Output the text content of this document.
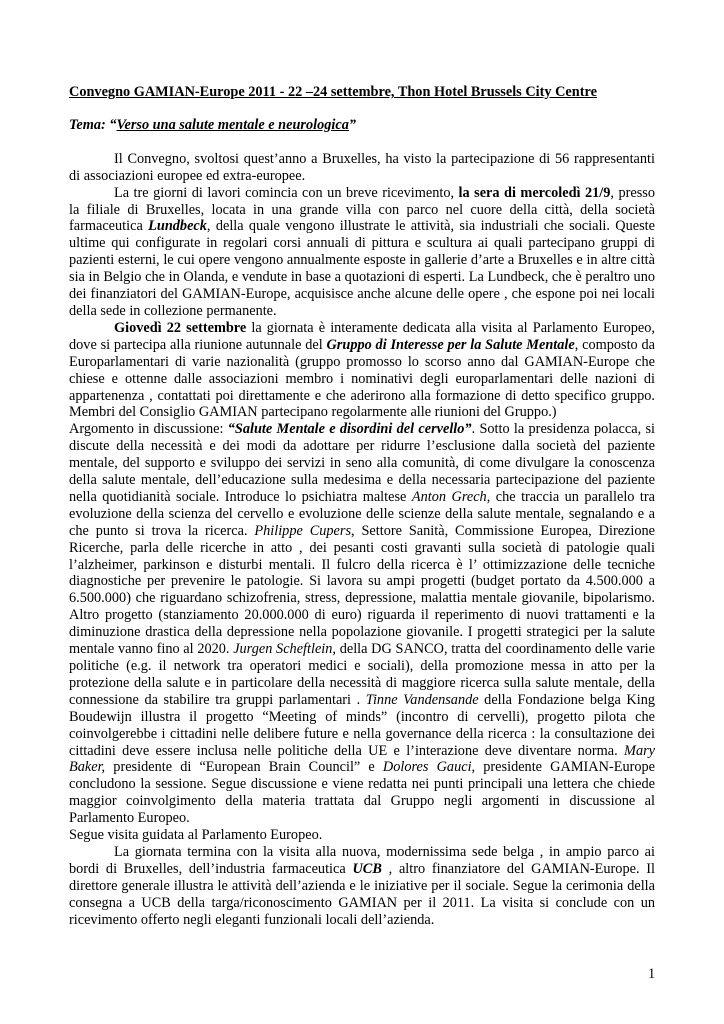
Convegno GAMIAN-Europe 2011 - 22 –24 settembre, Thon Hotel Brussels City Centre

Tema: “Verso una salute mentale e neurologica”

Il Convegno, svoltosi quest’anno a Bruxelles, ha visto la partecipazione di 56 rappresentanti di associazioni europee ed extra-europee.

La tre giorni di lavori comincia con un breve ricevimento, la sera di mercoledì 21/9, presso la filiale di Bruxelles, locata in una grande villa con parco nel cuore della città, della società farmaceutica Lundbeck, della quale vengono illustrate le attività, sia industriali che sociali. Queste ultime qui configurate in regolari corsi annuali di pittura e scultura ai quali partecipano gruppi di pazienti esterni, le cui opere vengono annualmente esposte in gallerie d’arte a Bruxelles e in altre città sia in Belgio che in Olanda, e vendute in base a quotazioni di esperti. La Lundbeck, che è peraltro uno dei finanziatori del GAMIAN-Europe, acquisisce anche alcune delle opere , che espone poi nei locali della sede in collezione permanente.

Giovedì 22 settembre la giornata è interamente dedicata alla visita al Parlamento Europeo, dove si partecipa alla riunione autunnale del Gruppo di Interesse per la Salute Mentale, composto da Europarlamentari di varie nazionalità (gruppo promosso lo scorso anno dal GAMIAN-Europe che chiese e ottenne dalle associazioni membro i nominativi degli europarlamentari delle nazioni di appartenenza , contattati poi direttamente e che aderirono alla formazione di detto specifico gruppo. Membri del Consiglio GAMIAN partecipano regolarmente alle riunioni del Gruppo.)

Argomento in discussione: “Salute Mentale e disordini del cervello”. Sotto la presidenza polacca, si discute della necessità e dei modi da adottare per ridurre l’esclusione dalla società del paziente mentale, del supporto e sviluppo dei servizi in seno alla comunità, di come divulgare la conoscenza della salute mentale, dell’educazione sulla medesima e della necessaria partecipazione del paziente nella quotidianità sociale. Introduce lo psichiatra maltese Anton Grech, che traccia un parallelo tra evoluzione della scienza del cervello e evoluzione delle scienze della salute mentale, segnalando e a che punto si trova la ricerca. Philippe Cupers, Settore Sanità, Commissione Europea, Direzione Ricerche, parla delle ricerche in atto , dei pesanti costi gravanti sulla società di patologie quali l’alzheimer, parkinson e disturbi mentali. Il fulcro della ricerca è l’ ottimizzazione delle tecniche diagnostiche per prevenire le patologie. Si lavora su ampi progetti (budget portato da 4.500.000 a 6.500.000) che riguardano schizofrenia, stress, depressione, malattia mentale giovanile, bipolarismo. Altro progetto (stanziamento 20.000.000 di euro) riguarda il reperimento di nuovi trattamenti e la diminuzione drastica della depressione nella popolazione giovanile. I progetti strategici per la salute mentale vanno fino al 2020. Jurgen Scheftlein, della DG SANCO, tratta del coordinamento delle varie politiche (e.g. il network tra operatori medici e sociali), della promozione messa in atto per la protezione della salute e in particolare della necessità di maggiore ricerca sulla salute mentale, della connessione da stabilire tra gruppi parlamentari . Tinne Vandensande della Fondazione belga King Boudewijn illustra il progetto “Meeting of minds” (incontro di cervelli), progetto pilota che coinvolgerebbe i cittadini nelle delibere future e nella governance della ricerca : la consultazione dei cittadini deve essere inclusa nelle politiche della UE e l’interazione deve diventare norma. Mary Baker, presidente di “European Brain Council” e Dolores Gauci, presidente GAMIAN-Europe concludono la sessione. Segue discussione e viene redatta nei punti principali una lettera che chiede maggior coinvolgimento della materia trattata dal Gruppo negli argomenti in discussione al Parlamento Europeo.

Segue visita guidata al Parlamento Europeo.

La giornata termina con la visita alla nuova, modernissima sede belga , in ampio parco ai bordi di Bruxelles, dell’industria farmaceutica UCB , altro finanziatore del GAMIAN-Europe. Il direttore generale illustra le attività dell’azienda e le iniziative per il sociale. Segue la cerimonia della consegna a UCB della targa/riconoscimento GAMIAN per il 2011. La visita si conclude con un ricevimento offerto negli eleganti funzionali locali dell’azienda.

1
